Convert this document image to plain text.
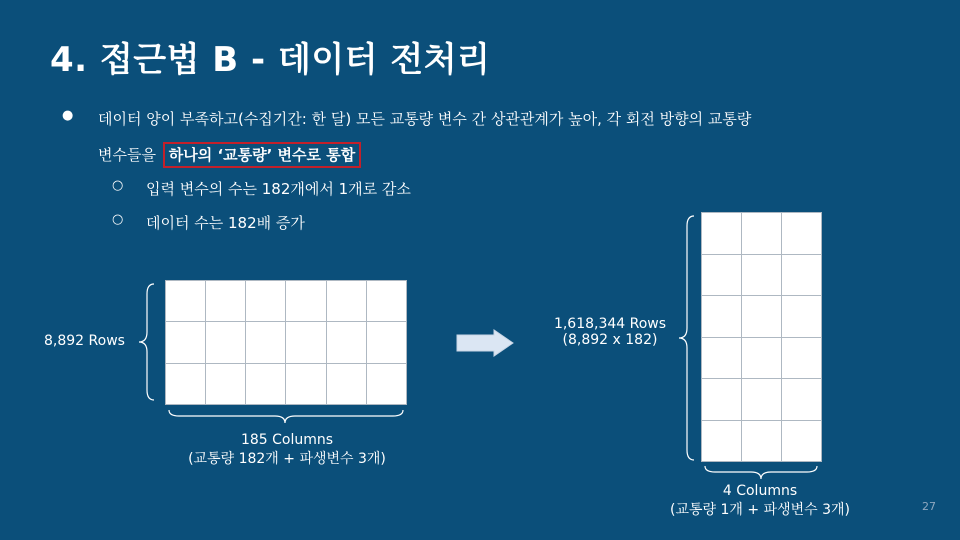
4. 접근법 B - 데이터 전처리
● 데이터 양이 부족하고(수집기간: 한 달) 모든 교통량 변수 간 상관관계가 높아, 각 회전 방향의 교통량
변수들을 하나의 ‘교통량’ 변수로 통합
○ 입력 변수의 수는 182개에서 1개로 감소
○ 데이터 수는 182배 증가

8,892 Rows
185 Columns
(교통량 182개 + 파생변수 3개)

1,618,344 Rows
(8,892 x 182)
4 Columns
(교통량 1개 + 파생변수 3개)	27
